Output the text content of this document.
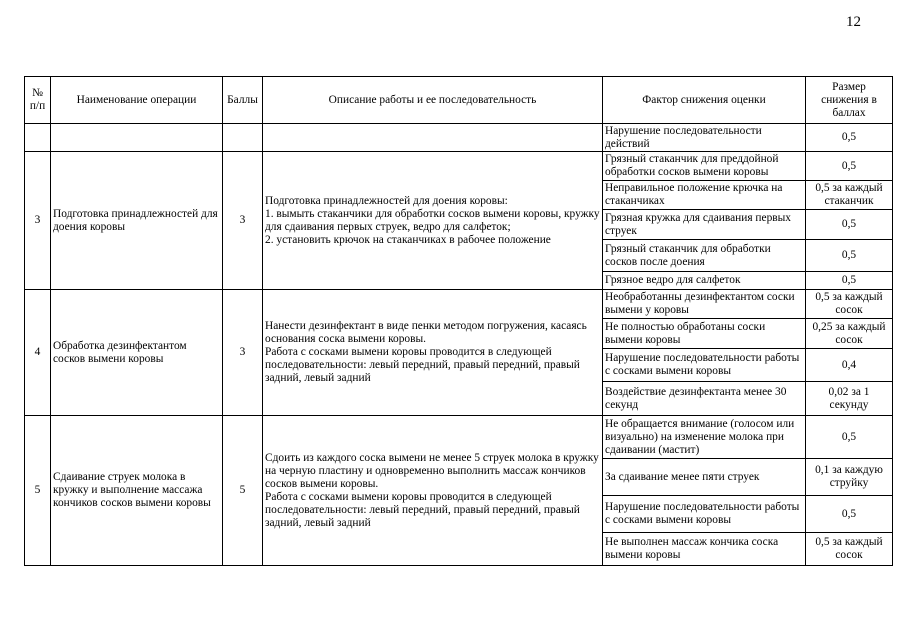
12
№ п/п	Наименование операции	Баллы	Описание работы и ее последовательность	Фактор снижения оценки	Размер снижения в баллах
				Нарушение последовательности действий	0,5
3	Подготовка принадлежностей для доения коровы	3	Подготовка принадлежностей для доения коровы:
1. вымыть стаканчики для обработки сосков вымени коровы, кружку для сдаивания первых струек, ведро для салфеток;
2. установить крючок на стаканчиках в рабочее положение	Грязный стаканчик для преддойной обработки сосков вымени коровы	0,5
				Неправильное положение крючка на стаканчиках	0,5 за каждый стаканчик
				Грязная кружка для сдаивания первых струек	0,5
				Грязный стаканчик для обработки сосков после доения	0,5
				Грязное ведро для салфеток	0,5
4	Обработка дезинфектантом сосков вымени коровы	3	Нанести дезинфектант в виде пенки методом погружения, касаясь основания соска вымени коровы.
Работа с сосками вымени коровы проводится в следующей последовательности: левый передний, правый передний, правый задний, левый задний	Необработанны дезинфектантом соски вымени у коровы	0,5 за каждый сосок
				Не полностью обработаны соски вымени коровы	0,25 за каждый сосок
				Нарушение последовательности работы с сосками вымени коровы	0,4
				Воздействие дезинфектанта менее 30 секунд	0,02 за 1 секунду
5	Сдаивание струек молока в кружку и выполнение массажа кончиков сосков вымени коровы	5	Сдоить из каждого соска вымени не менее 5 струек молока в кружку на черную пластину и одновременно выполнить массаж кончиков сосков вымени коровы.
Работа с сосками вымени коровы проводится в следующей последовательности: левый передний, правый передний, правый задний, левый задний	Не обращается внимание (голосом или визуально) на изменение молока при сдаивании (мастит)	0,5
				За сдаивание менее пяти струек	0,1 за каждую струйку
				Нарушение последовательности работы с сосками вымени коровы	0,5
				Не выполнен массаж кончика соска вымени коровы	0,5 за каждый сосок
